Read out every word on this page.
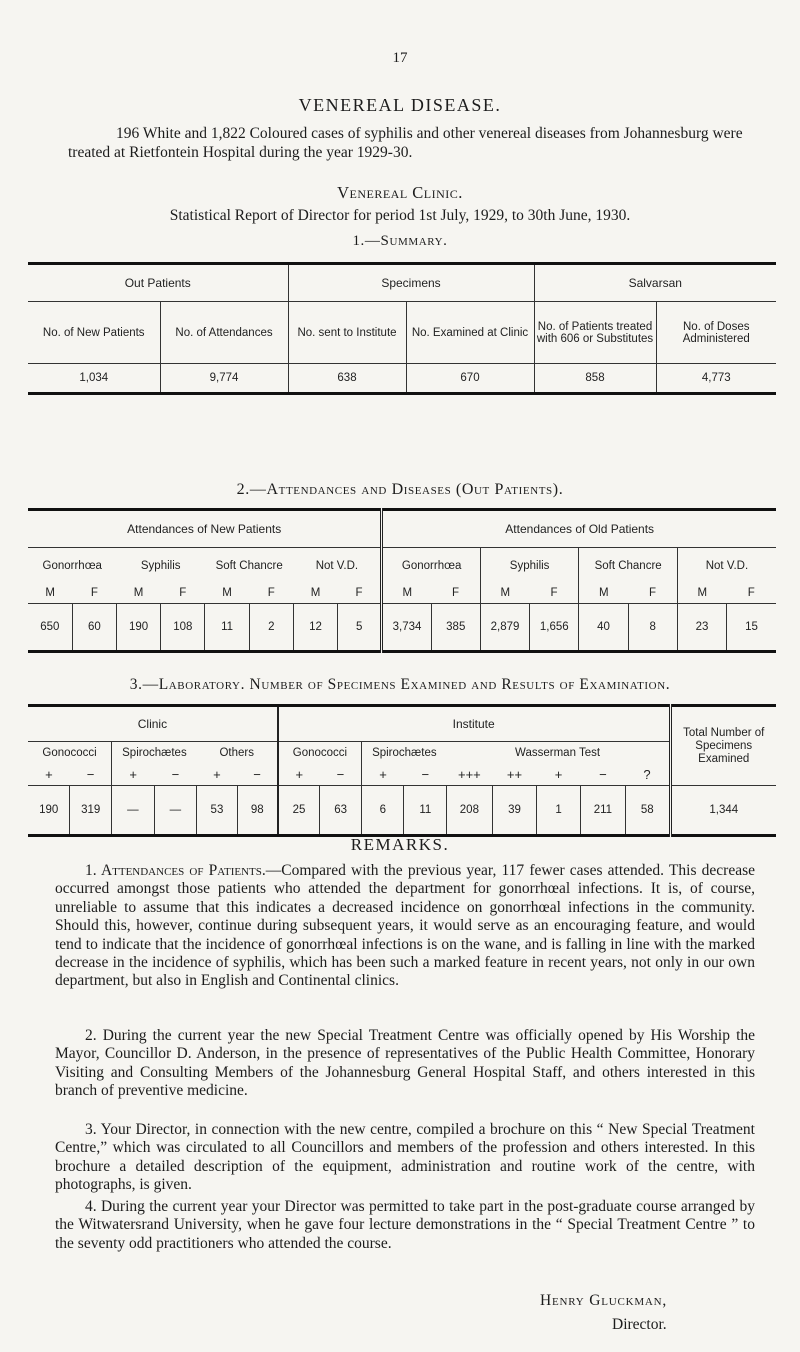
17
VENEREAL DISEASE.
196 White and 1,822 Coloured cases of syphilis and other venereal diseases from Johannesburg were treated at Rietfontein Hospital during the year 1929-30.
Venereal Clinic.
Statistical Report of Director for period 1st July, 1929, to 30th June, 1930.
1.—Summary.
Out Patients		Specimens		Salvarsan	
No. of New Patients	No. of Attendances	No. sent to Institute	No. Examined at Clinic	No. of Patients treated with 606 or Substitutes	No. of Doses Administered
1,034	9,774	638	670	858	4,773
2.—Attendances and Diseases (Out Patients).
Attendances of New Patients								Attendances of Old Patients							
Gonorrhœa		Syphilis		Soft Chancre		Not V.D.		Gonorrhœa		Syphilis		Soft Chancre		Not V.D.	
M	F	M	F	M	F	M	F	M	F	M	F	M	F	M	F
650	60	190	108	11	2	12	5	3,734	385	2,879	1,656	40	8	23	15
3.—Laboratory. Number of Specimens Examined and Results of Examination.
Clinic						Institute									Total Number of Specimens Examined
Gonococci		Spirochætes		Others		Gonococci		Spirochætes		Wasserman Test					
+	−	+	−	+	−	+	−	+	−	+++	++	+	−	?	
190	319	—	—	53	98	25	63	6	11	208	39	1	211	58	1,344
REMARKS.
1. Attendances of Patients.—Compared with the previous year, 117 fewer cases attended. This decrease occurred amongst those patients who attended the department for gonorrhœal infections. It is, of course, unreliable to assume that this indicates a decreased incidence on gonorrhœal infections in the community. Should this, however, continue during subsequent years, it would serve as an encouraging feature, and would tend to indicate that the incidence of gonorrhœal infections is on the wane, and is falling in line with the marked decrease in the incidence of syphilis, which has been such a marked feature in recent years, not only in our own department, but also in English and Continental clinics.
2. During the current year the new Special Treatment Centre was officially opened by His Worship the Mayor, Councillor D. Anderson, in the presence of representatives of the Public Health Committee, Honorary Visiting and Consulting Members of the Johannesburg General Hospital Staff, and others interested in this branch of preventive medicine.
3. Your Director, in connection with the new centre, compiled a brochure on this “ New Special Treatment Centre,” which was circulated to all Councillors and members of the profession and others interested. In this brochure a detailed description of the equipment, administration and routine work of the centre, with photographs, is given.
4. During the current year your Director was permitted to take part in the post-graduate course arranged by the Witwatersrand University, when he gave four lecture demonstrations in the “ Special Treatment Centre ” to the seventy odd practitioners who attended the course.
Henry Gluckman,
Director.
